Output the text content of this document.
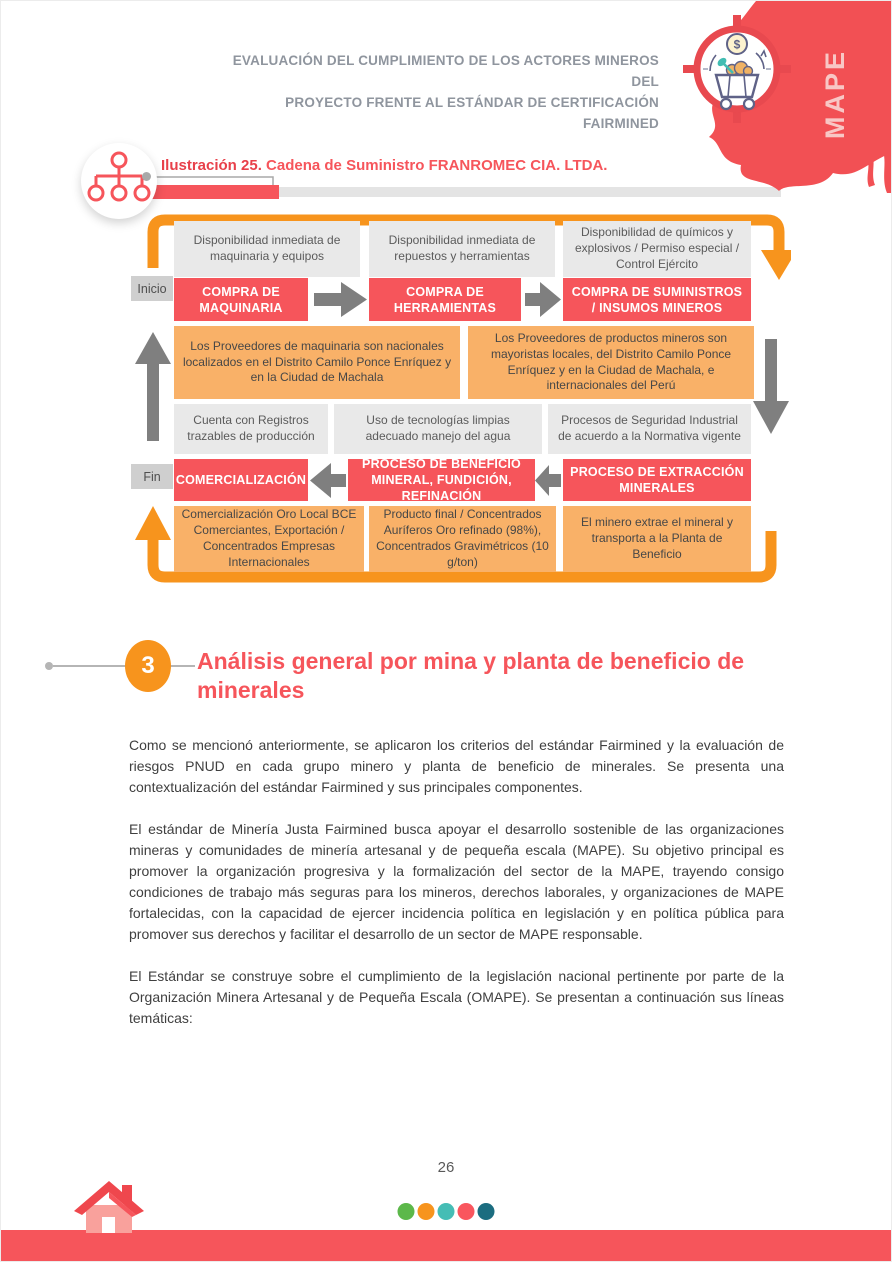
MAPE
$
EVALUACIÓN DEL CUMPLIMIENTO DE LOS ACTORES MINEROS DEL
PROYECTO FRENTE AL ESTÁNDAR DE CERTIFICACIÓN FAIRMINED
Ilustración 25. Cadena de Suministro FRANROMEC CIA. LTDA.
Inicio
Fin
Disponibilidad inmediata de maquinaria y equipos
Disponibilidad inmediata de repuestos y herramientas
Disponibilidad de químicos y explosivos / Permiso especial / Control Ejército
COMPRA DE MAQUINARIA
COMPRA DE HERRAMIENTAS
COMPRA DE SUMINISTROS / INSUMOS MINEROS
Los Proveedores de maquinaria son nacionales localizados en el Distrito Camilo Ponce Enríquez y en la Ciudad de Machala
Los Proveedores de productos mineros son mayoristas locales, del Distrito Camilo Ponce Enríquez y en la Ciudad de Machala, e internacionales del Perú
Cuenta con Registros trazables de producción
Uso de tecnologías limpias adecuado manejo del agua
Procesos de Seguridad Industrial de acuerdo a la Normativa vigente
COMERCIALIZACIÓN
PROCESO DE BENEFICIO MINERAL, FUNDICIÓN, REFINACIÓN
PROCESO DE EXTRACCIÓN MINERALES
Comercialización Oro Local BCE Comerciantes, Exportación / Concentrados Empresas Internacionales
Producto final / Concentrados Auríferos Oro refinado (98%), Concentrados Gravimétricos (10 g/ton)
El minero extrae el mineral y transporta a la Planta de Beneficio
3	Análisis general por mina y planta de beneficio de minerales

Como se mencionó anteriormente, se aplicaron los criterios del estándar Fairmined y la evaluación de riesgos PNUD en cada grupo minero y planta de beneficio de minerales. Se presenta una contextualización del estándar Fairmined y sus principales componentes.

El estándar de Minería Justa Fairmined busca apoyar el desarrollo sostenible de las organizaciones mineras y comunidades de minería artesanal y de pequeña escala (MAPE). Su objetivo principal es promover la organización progresiva y la formalización del sector de la MAPE, trayendo consigo condiciones de trabajo más seguras para los mineros, derechos laborales, y organizaciones de MAPE fortalecidas, con la capacidad de ejercer incidencia política en legislación y en política pública para promover sus derechos y facilitar el desarrollo de un sector de MAPE responsable.

El Estándar se construye sobre el cumplimiento de la legislación nacional pertinente por parte de la Organización Minera Artesanal y de Pequeña Escala (OMAPE). Se presentan a continuación sus líneas temáticas:

26
